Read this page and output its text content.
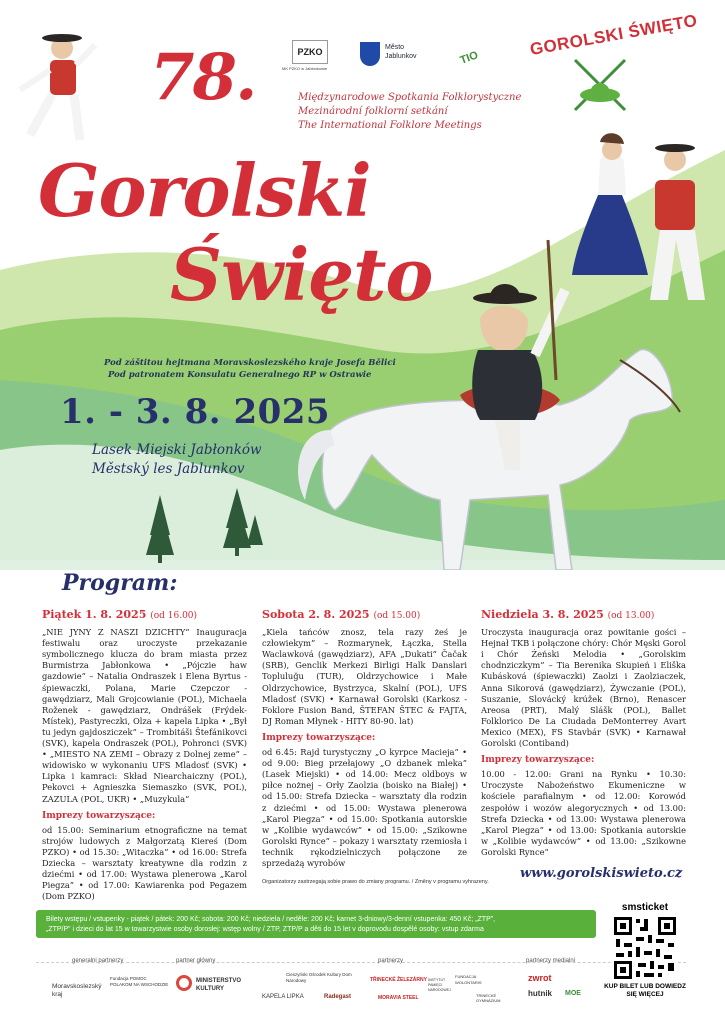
78.
Gorolski
Święto
Międzynarodowe Spotkania Folklorystyczne
Mezinárodní folklorní setkání
The International Folklore Meetings
PZKO
MK PZKO w Jabłonkowie
Město
Jablunkov	TIO	GOROLSKI ŚWIĘTO
Pod záštitou hejtmana Moravskoslezského kraje Josefa Bělici
Pod patronatem Konsulatu Generalnego RP w Ostrawie
1. - 3. 8. 2025
Lasek Miejski Jabłonków
Městský les Jablunkov
Program:
Piątek 1. 8. 2025 (od 16.00)

„NIE JYNY Z NASZI DZICHTY” Inauguracja festiwalu oraz uroczyste przekazanie symbolicznego klucza do bram miasta przez Burmistrza Jabłonkowa • „Pójczie haw gazdowie” – Natalia Ondraszek i Elena Byrtus - śpiewaczki, Polana, Marie Czepczor - gawędziarz, Mali Grojcowianie (POL), Michaela Roženek - gawędziarz, Ondrášek (Frýdek-Místek), Pastyreczki, Olza + kapela Lipka • „Był tu jedyn gajdosziczek” – Trombitáši Štefánikovci (SVK), kapela Ondraszek (POL), Pohronci (SVK) • „MIESTO NA ZEMI – Obrazy z Dolnej zeme” – widowisko w wykonaniu UFS Mladosť (SVK) • Lipka i kamraci: Skład Niearchaiczny (POL), Pekovci + Agnieszka Siemaszko (SVK, POL), ZAZULA (POL, UKR) • „Muzykula”

Imprezy towarzyszące:

od 15.00: Seminarium etnograficzne na temat strojów ludowych z Małgorzatą Kiereś (Dom PZKO) • od 15.30: „Witaczka” • od 16.00: Strefa Dziecka – warsztaty kreatywne dla rodzin z dziećmi • od 17.00: Wystawa plenerowa „Karol Piegza” • od 17.00: Kawiarenka pod Pegazem (Dom PZKO)

Sobota 2. 8. 2025 (od 15.00)

„Kiela tańców znosz, tela razy żeś je człowiekym” – Rozmarynek, Łączka, Stella Waclawková (gawędziarz), AFA „Dukati” Čačak (SRB), Genclik Merkezi Birligi Halk Danslari Topluluğu (TUR), Oldrzychowice i Małe Oldrzychowice, Bystrzyca, Skalní (POL), UFS Mladosť (SVK) • Karnawał Gorolski (Karkosz - Foklore Fusion Band, ŠTEFAN ŠTEC & FAJTA, DJ Roman Młynek - HITY 80-90. lat)

Imprezy towarzyszące:

od 6.45: Rajd turystyczny „O kyrpce Macieja” • od 9.00: Bieg przełajowy „O dzbanek mleka” (Lasek Miejski) • od 14.00: Mecz oldboys w piłce nożnej – Orły Zaolzia (boisko na Białej) • od 15.00: Strefa Dziecka – warsztaty dla rodzin z dziećmi • od 15.00: Wystawa plenerowa „Karol Piegza” • od 15.00: Spotkania autorskie w „Kolibie wydawców” • od 15.00: „Szikowne Gorolski Rynce” – pokazy i warsztaty rzemiosła i technik rękodzielniczych połączone ze sprzedażą wyrobów

Niedziela 3. 8. 2025 (od 13.00)

Uroczysta inauguracja oraz powitanie gości – Hejnał TKB i połączone chóry: Chór Męski Gorol i Chór Żeński Melodia • „Gorolskim chodnziczkym” – Tia Berenika Skupień i Eliška Kubásková (śpiewaczki) Zaolzi i Zaolziaczek, Anna Sikorová (gawędziarz), Żywczanie (POL), Suszanie, Slovácký krúžek (Brno), Renascer Areosa (PRT), Malý Slášk (POL), Ballet Folklorico De La Ciudada DeMonterrey Avart Mexico (MEX), FS Stavbár (SVK) • Karnawał Gorolski (Contiband)

Imprezy towarzyszące:

10.00 - 12.00: Grani na Rynku • 10.30: Uroczyste Nabożeństwo Ekumeniczne w kościele parafialnym • od 12.00: Korowód zespołów i wozów alegorycznych • od 13.00: Strefa Dziecka • od 13.00: Wystawa plenerowa „Karol Piegza” • od 13.00: Spotkania autorskie w „Kolibie wydawców” • od 13.00: „Szikowne Gorolski Rynce”

Organizatorzy zastrzegają sobie prawo do zmiany programu. / Změny v programu vyhrazeny.
www.gorolskiswieto.cz
Bilety wstępu / vstupenky - piątek / pátek: 200 Kč; sobota: 200 Kč; niedziela / neděle: 200 Kč; karnet 3-dniowy/3-denní vstupenka: 450 Kč; „ZTP”,
„ZTP/P” i dzieci do lat 15 w towarzystwie osoby dorosłej: wstęp wolny / ZTP, ZTP/P a děti do 15 let v doprovodu dospělé osoby: vstup zdarma
smsticket
KUP BILET LUB DOWIEDZ SIĘ WIĘCEJ
generalni partnerzy	partner główny	partnerzy	partnerzy medialni
Moravskoslezský kraj
Fundacja POMOC POLAKOM NA WSCHODZIE
MINISTERSTVO KULTURY
Cieszyński Ośrodek Kultury Dom Narodowy	TŘINECKÉ ŽELEZÁRNY
FUNDACJA WOLONTARIS
INSTYTUT PAMIĘCI NARODOWEJ
KAPELA LIPKA	Radegast	MORAVIA STEEL	TRINECKÉ GYMNÁZIUM
zwrot
hutnik MOE
